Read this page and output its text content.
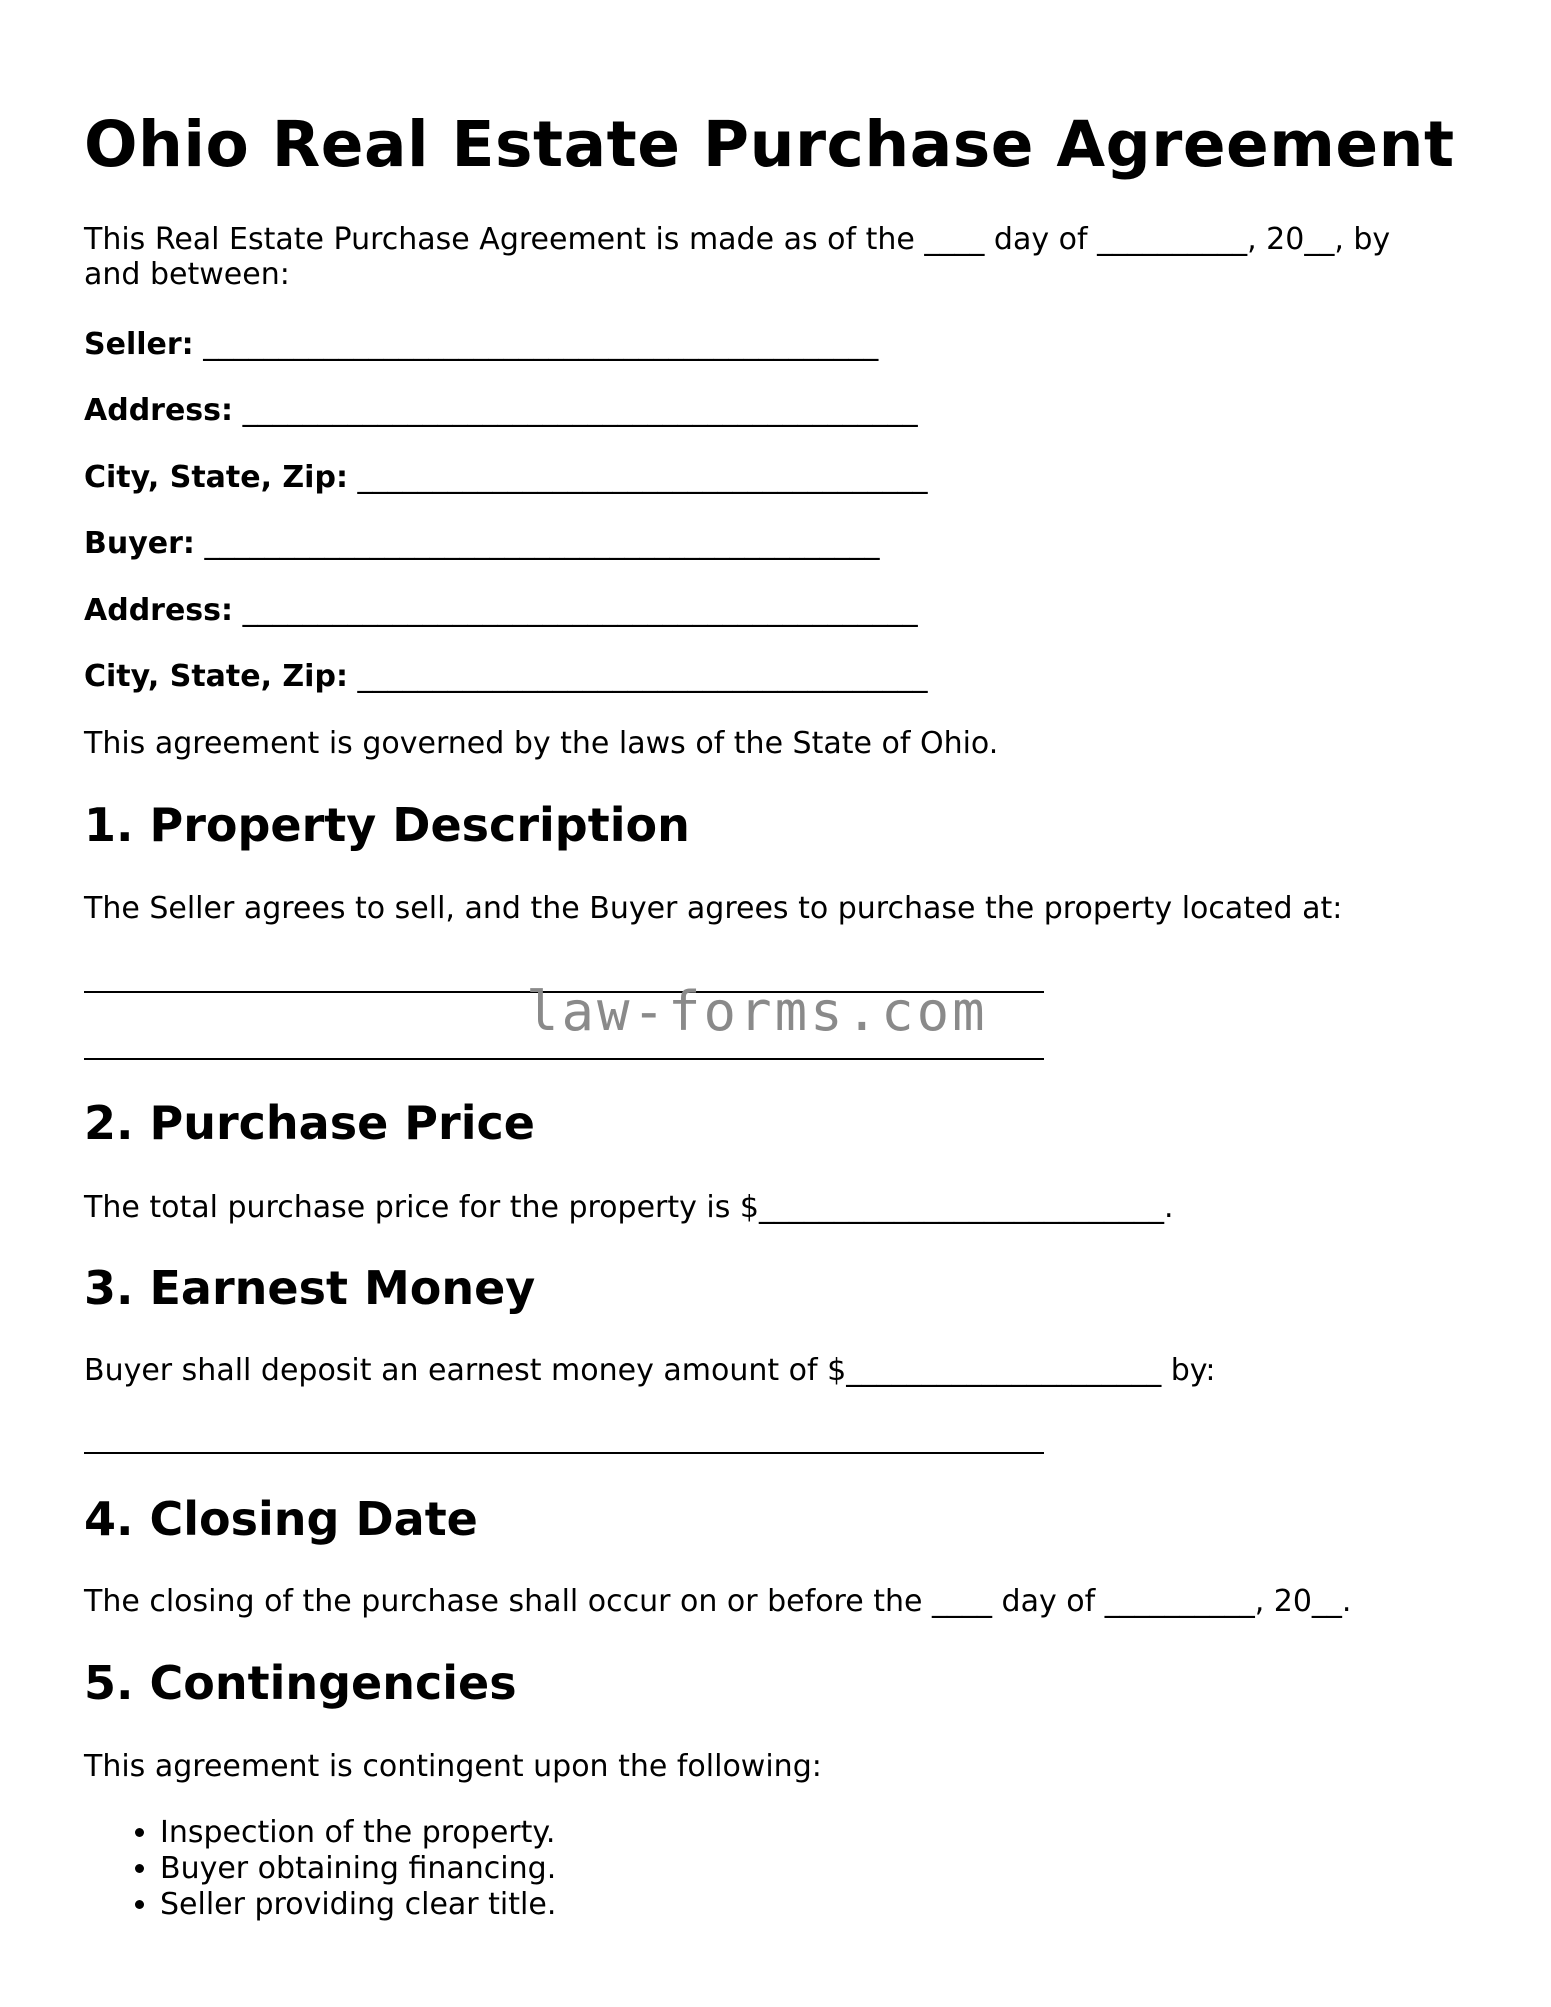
Ohio Real Estate Purchase Agreement

This Real Estate Purchase Agreement is made as of the ____ day of __________, 20__, by and between:

Seller: _____________________________________________

Address: _____________________________________________

City, State, Zip: ______________________________________

Buyer: _____________________________________________

Address: _____________________________________________

City, State, Zip: ______________________________________

This agreement is governed by the laws of the State of Ohio.

1. Property Description

The Seller agrees to sell, and the Buyer agrees to purchase the property located at:

law-forms.com
2. Purchase Price

The total purchase price for the property is $___________________________.

3. Earnest Money

Buyer shall deposit an earnest money amount of $_____________________ by:

4. Closing Date

The closing of the purchase shall occur on or before the ____ day of __________, 20__.

5. Contingencies

This agreement is contingent upon the following:

• Inspection of the property.
• Buyer obtaining financing.
• Seller providing clear title.
